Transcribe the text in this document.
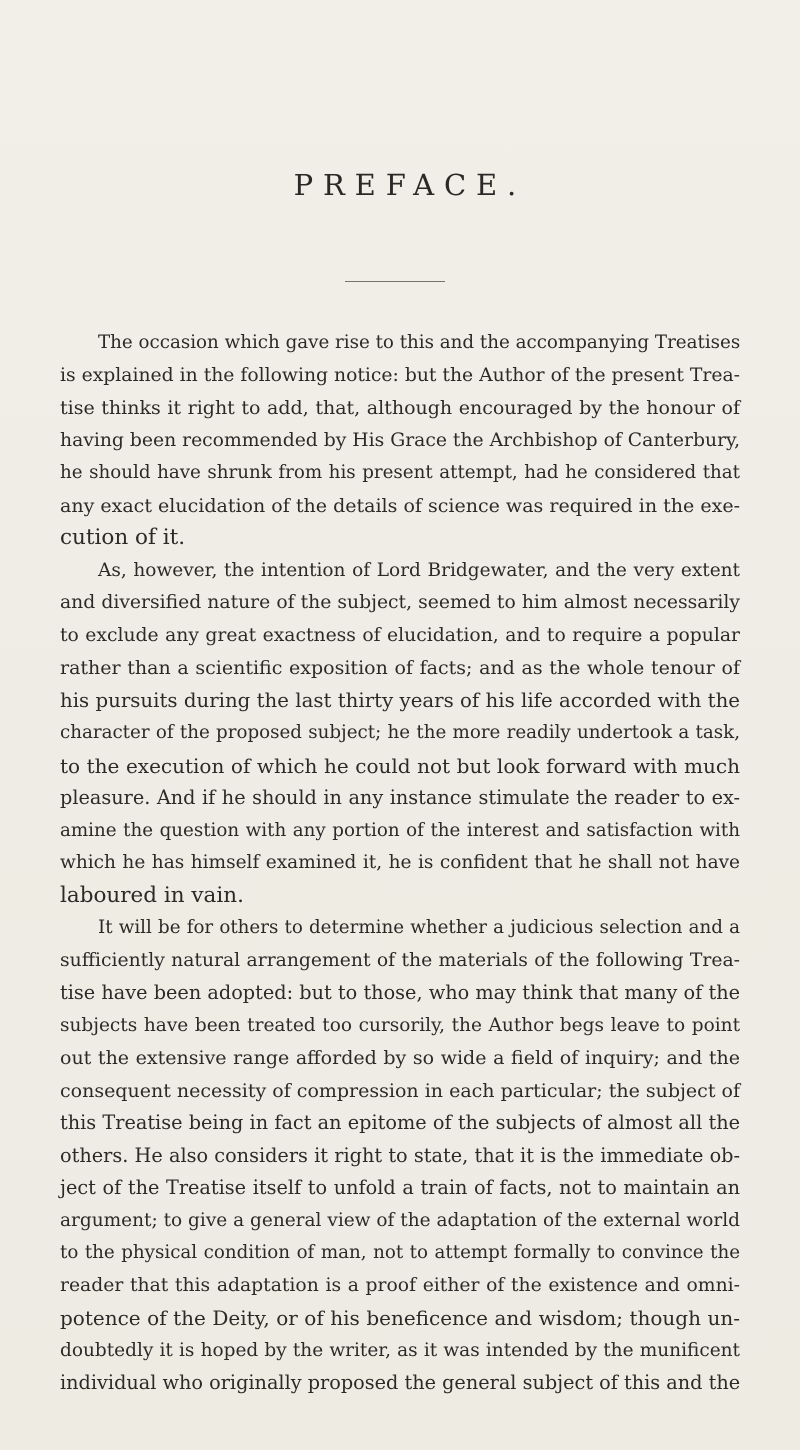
PREFACE.
The occasion which gave rise to this and the accompanying Treatises
is explained in the following notice: but the Author of the present Trea-
tise thinks it right to add, that, although encouraged by the honour of
having been recommended by His Grace the Archbishop of Canterbury,
he should have shrunk from his present attempt, had he considered that
any exact elucidation of the details of science was required in the exe-
cution of it.
As, however, the intention of Lord Bridgewater, and the very extent
and diversified nature of the subject, seemed to him almost necessarily
to exclude any great exactness of elucidation, and to require a popular
rather than a scientific exposition of facts; and as the whole tenour of
his pursuits during the last thirty years of his life accorded with the
character of the proposed subject; he the more readily undertook a task,
to the execution of which he could not but look forward with much
pleasure. And if he should in any instance stimulate the reader to ex-
amine the question with any portion of the interest and satisfaction with
which he has himself examined it, he is confident that he shall not have
laboured in vain.
It will be for others to determine whether a judicious selection and a
sufficiently natural arrangement of the materials of the following Trea-
tise have been adopted: but to those, who may think that many of the
subjects have been treated too cursorily, the Author begs leave to point
out the extensive range afforded by so wide a field of inquiry; and the
consequent necessity of compression in each particular; the subject of
this Treatise being in fact an epitome of the subjects of almost all the
others. He also considers it right to state, that it is the immediate ob-
ject of the Treatise itself to unfold a train of facts, not to maintain an
argument; to give a general view of the adaptation of the external world
to the physical condition of man, not to attempt formally to convince the
reader that this adaptation is a proof either of the existence and omni-
potence of the Deity, or of his beneficence and wisdom; though un-
doubtedly it is hoped by the writer, as it was intended by the munificent
individual who originally proposed the general subject of this and the
